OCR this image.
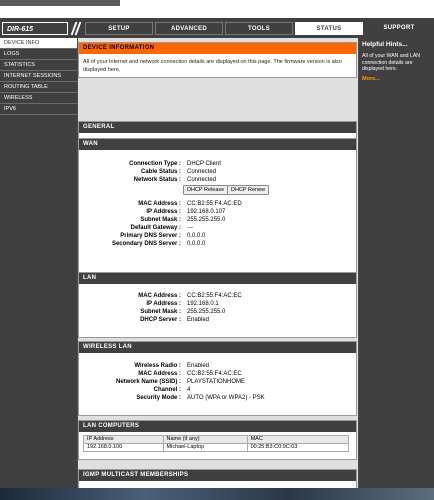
DIR-615	SETUP	ADVANCED	TOOLS	STATUS	SUPPORT
DEVICE INFO
LOGS
STATISTICS
INTERNET SESSIONS
ROUTING TABLE
WIRELESS
IPV6
DEVICE INFORMATION
All of your Internet and network connection details are displayed on this page. The firmware version is also displayed here.
GENERAL
WAN
Connection Type : DHCP Client
Cable Status : Connected
Network Status : Connected
DHCP Release	DHCP Renew
MAC Address : CC:B2:55:F4:AC:ED
IP Address : 192.168.0.107
Subnet Mask : 255.255.255.0
Default Gateway : ---
Primary DNS Server : 0.0.0.0
Secondary DNS Server : 0.0.0.0
LAN
MAC Address : CC:B2:55:F4:AC:EC
IP Address : 192.168.0.1
Subnet Mask : 255.255.255.0
DHCP Server : Enabled
WIRELESS LAN
Wireless Radio : Enabled
MAC Address : CC:B2:55:F4:AC:EC
Network Name (SSID) : PLAYSTATIONHOME
Channel : 4
Security Mode : AUTO (WPA or WPA2) - PSK
LAN COMPUTERS
IP Address	Name (if any)	MAC
192.168.0.100	Michael-Laptop	00:25:B3:C0:9C:03
IGMP MULTICAST MEMBERSHIPS
Helpful Hints...
All of your WAN and LAN connection details are displayed here.
More...
